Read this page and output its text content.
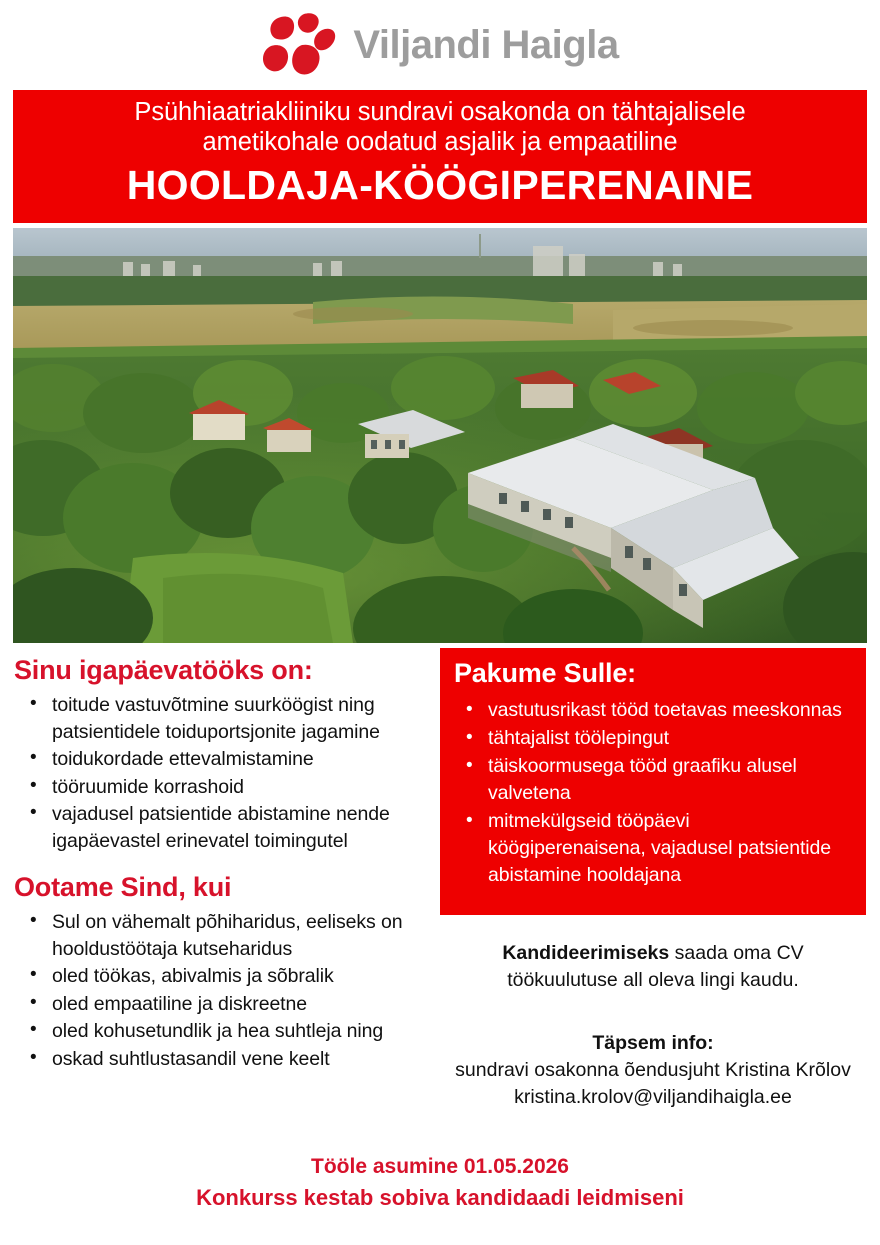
Viljandi Haigla
Psühhiaatriakliiniku sundravi osakonda on tähtajalisele
ametikohale oodatud asjalik ja empaatiline
HOOLDAJA-KÖÖGIPERENAINE
Sinu igapäevatööks on:
• toitude vastuvõtmine suurköögist ning patsientidele toiduportsjonite jagamine
• toidukordade ettevalmistamine
• tööruumide korrashoid
• vajadusel patsientide abistamine nende igapäevastel erinevatel toimingutel
Ootame Sind, kui
• Sul on vähemalt põhiharidus, eeliseks on hooldustöötaja kutseharidus
• oled töökas, abivalmis ja sõbralik
• oled empaatiline ja diskreetne
• oled kohusetundlik ja hea suhtleja ning
• oskad suhtlustasandil vene keelt
Pakume Sulle:
• vastutusrikast tööd toetavas meeskonnas
• tähtajalist töölepingut
• täiskoormusega tööd graafiku alusel valvetena
• mitmekülgseid tööpäevi köögiperenaisena, vajadusel patsientide abistamine hooldajana
Kandideerimiseks saada oma CV
töökuulutuse all oleva lingi kaudu.
Täpsem info:
sundravi osakonna õendusjuht Kristina Krõlov
kristina.krolov@viljandihaigla.ee
Tööle asumine 01.05.2026
Konkurss kestab sobiva kandidaadi leidmiseni
